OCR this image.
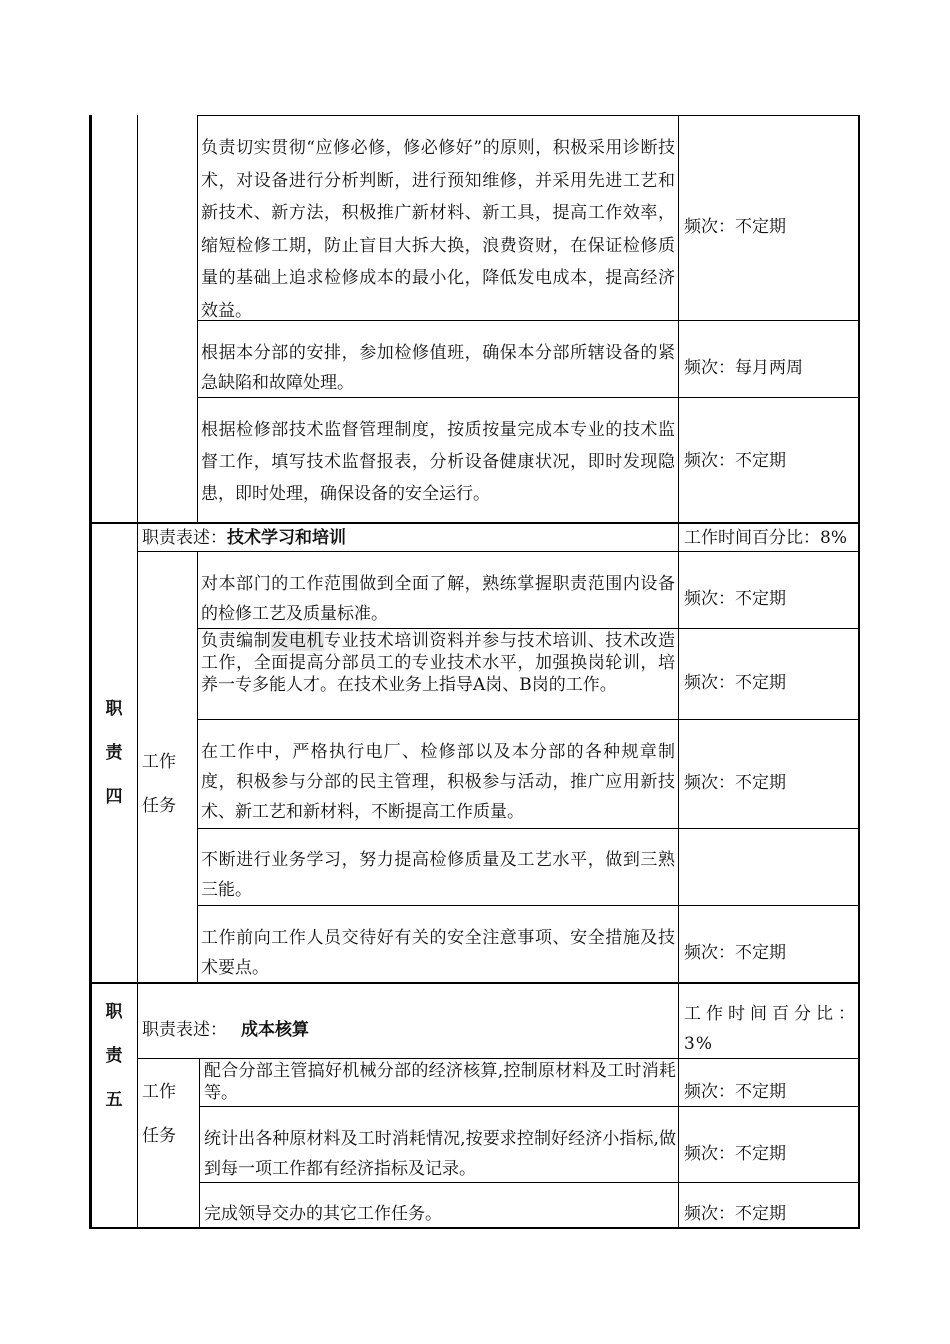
负责切实贯彻“应修必修，修必修好”的原则，积极采用诊断技术，对设备进行分析判断，进行预知维修，并采用先进工艺和新技术、新方法，积极推广新材料、新工具，提高工作效率，缩短检修工期，防止盲目大拆大换，浪费资财，在保证检修质量的基础上追求检修成本的最小化，降低发电成本，提高经济效益。
频次：不定期
根据本分部的安排，参加检修值班，确保本分部所辖设备的紧急缺陷和故障处理。
频次：每月两周
根据检修部技术监督管理制度，按质按量完成本专业的技术监督工作，填写技术监督报表，分析设备健康状况，即时发现隐患，即时处理，确保设备的安全运行。
频次：不定期
职
责
四
职责表述：技术学习和培训	工作时间百分比：8%
工作
任务
对本部门的工作范围做到全面了解，熟练掌握职责范围内设备的检修工艺及质量标准。
频次：不定期
负责编制发电机专业技术培训资料并参与技术培训、技术改造工作，全面提高分部员工的专业技术水平，加强换岗轮训，培养一专多能人才。在技术业务上指导A岗、B岗的工作。	频次：不定期
在工作中，严格执行电厂、检修部以及本分部的各种规章制度，积极参与分部的民主管理，积极参与活动，推广应用新技术、新工艺和新材料，不断提高工作质量。
频次：不定期
不断进行业务学习，努力提高检修质量及工艺水平，做到三熟三能。
工作前向工作人员交待好有关的安全注意事项、安全措施及技术要点。
频次：不定期
职
责
五
职责表述： 成本核算
工作时间百分比：3%
工作
任务
配合分部主管搞好机械分部的经济核算,控制原材料及工时消耗等。	频次：不定期
统计出各种原材料及工时消耗情况,按要求控制好经济小指标,做到每一项工作都有经济指标及记录。
频次：不定期
完成领导交办的其它工作任务。	频次：不定期
